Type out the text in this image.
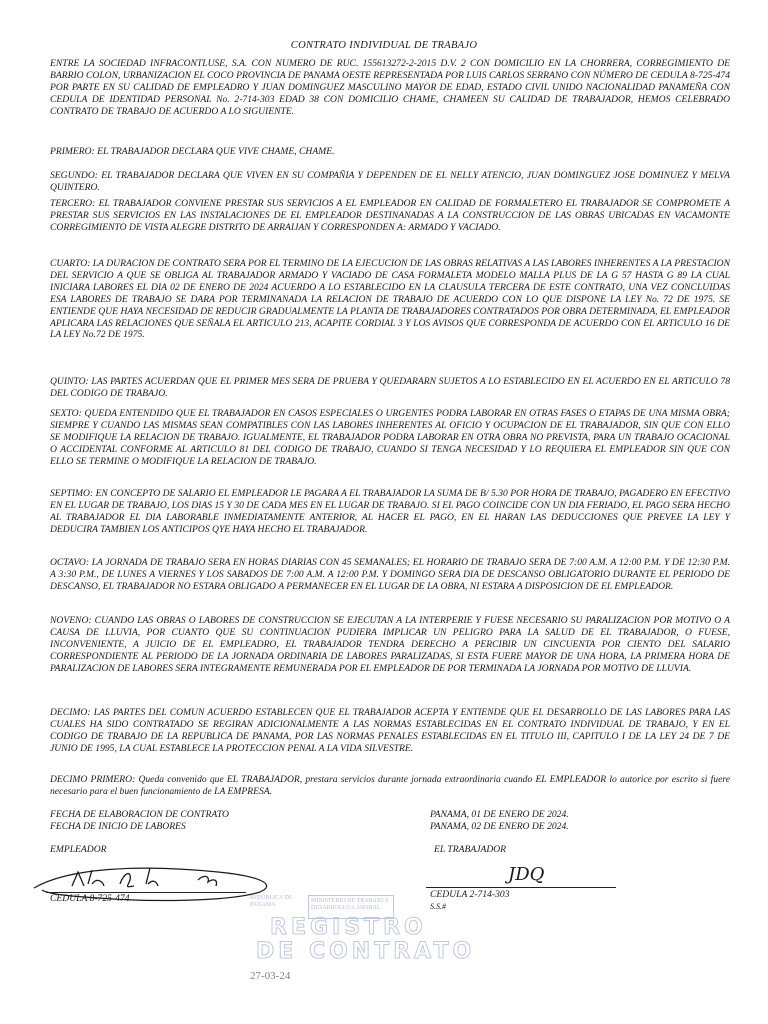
CONTRATO INDIVIDUAL DE TRABAJO

ENTRE LA SOCIEDAD INFRACONTLUSE, S.A. CON NUMERO DE RUC. 155613272-2-2015 D.V. 2 CON DOMICILIO EN LA CHORRERA, CORREGIMIENTO DE BARRIO COLON, URBANIZACION EL COCO PROVINCIA DE PANAMA OESTE REPRESENTADA POR LUIS CARLOS SERRANO CON NÚMERO DE CEDULA 8-725-474 POR PARTE EN SU CALIDAD DE EMPLEADRO Y JUAN DOMINGUEZ MASCULINO MAYOR DE EDAD, ESTADO CIVIL UNIDO NACIONALIDAD PANAMEÑA CON CEDULA DE IDENTIDAD PERSONAL No. 2-714-303 EDAD 38 CON DOMICILIO CHAME, CHAMEEN SU CALIDAD DE TRABAJADOR, HEMOS CELEBRADO CONTRATO DE TRABAJO DE ACUERDO A LO SIGUIENTE.

PRIMERO: EL TRABAJADOR DECLARA QUE VIVE CHAME, CHAME.

SEGUNDO: EL TRABAJADOR DECLARA QUE VIVEN EN SU COMPAÑIA Y DEPENDEN DE EL NELLY ATENCIO, JUAN DOMINGUEZ JOSE DOMINUEZ Y MELVA QUINTERO.

TERCERO: EL TRABAJADOR CONVIENE PRESTAR SUS SERVICIOS A EL EMPLEADOR EN CALIDAD DE FORMALETERO EL TRABAJADOR SE COMPROMETE A PRESTAR SUS SERVICIOS EN LAS INSTALACIONES DE EL EMPLEADOR DESTINANADAS A LA CONSTRUCCION DE LAS OBRAS UBICADAS EN VACAMONTE CORREGIMIENTO DE VISTA ALEGRE DISTRITO DE ARRAIJAN Y CORRESPONDEN A: ARMADO Y VACIADO.

CUARTO: LA DURACION DE CONTRATO SERA POR EL TERMINO DE LA EJECUCION DE LAS OBRAS RELATIVAS A LAS LABORES INHERENTES A LA PRESTACION DEL SERVICIO A QUE SE OBLIGA AL TRABAJADOR ARMADO Y VACIADO DE CASA FORMALETA MODELO MALLA PLUS DE LA G 57 HASTA G 89 LA CUAL INICIARA LABORES EL DIA 02 DE ENERO DE 2024 ACUERDO A LO ESTABLECIDO EN LA CLAUSULA TERCERA DE ESTE CONTRATO, UNA VEZ CONCLUIDAS ESA LABORES DE TRABAJO SE DARA POR TERMINANADA LA RELACION DE TRABAJO DE ACUERDO CON LO QUE DISPONE LA LEY No. 72 DE 1975. SE ENTIENDE QUE HAYA NECESIDAD DE REDUCIR GRADUALMENTE LA PLANTA DE TRABAJADORES CONTRATADOS POR OBRA DETERMINADA, EL EMPLEADOR APLICARA LAS RELACIONES QUE SEÑALA EL ARTICULO 213, ACAPITE CORDIAL 3 Y LOS AVISOS QUE CORRESPONDA DE ACUERDO CON EL ARTICULO 16 DE LA LEY No.72 DE 1975.

QUINTO: LAS PARTES ACUERDAN QUE EL PRIMER MES SERA DE PRUEBA Y QUEDARARN SUJETOS A LO ESTABLECIDO EN EL ACUERDO EN EL ARTICULO 78 DEL CODIGO DE TRABAJO.

SEXTO: QUEDA ENTENDIDO QUE EL TRABAJADOR EN CASOS ESPECIALES O URGENTES PODRA LABORAR EN OTRAS FASES O ETAPAS DE UNA MISMA OBRA; SIEMPRE Y CUANDO LAS MISMAS SEAN COMPATIBLES CON LAS LABORES INHERENTES AL OFICIO Y OCUPACION DE EL TRABAJADOR, SIN QUE CON ELLO SE MODIFIQUE LA RELACION DE TRABAJO. IGUALMENTE, EL TRABAJADOR PODRA LABORAR EN OTRA OBRA NO PREVISTA, PARA UN TRABAJO OCACIONAL O ACCIDENTAL CONFORME AL ARTICULO 81 DEL CODIGO DE TRABAJO, CUANDO SI TENGA NECESIDAD Y LO REQUIERA EL EMPLEADOR SIN QUE CON ELLO SE TERMINE O MODIFIQUE LA RELACION DE TRABAJO.

SEPTIMO: EN CONCEPTO DE SALARIO EL EMPLEADOR LE PAGARA A EL TRABAJADOR LA SUMA DE B/ 5.30 POR HORA DE TRABAJO, PAGADERO EN EFECTIVO EN EL LUGAR DE TRABAJO, LOS DIAS 15 Y 30 DE CADA MES EN EL LUGAR DE TRABAJO. SI EL PAGO COINCIDE CON UN DIA FERIADO, EL PAGO SERA HECHO AL TRABAJADOR EL DIA LABORABLE INMEDIATAMENTE ANTERIOR, AL HACER EL PAGO, EN EL HARAN LAS DEDUCCIONES QUE PREVEE LA LEY Y DEDUCIRA TAMBIEN LOS ANTICIPOS QYE HAYA HECHO EL TRABAJADOR.

OCTAVO: LA JORNADA DE TRABAJO SERA EN HORAS DIARIAS CON 45 SEMANALES; EL HORARIO DE TRABAJO SERA DE 7:00 A.M. A 12:00 P.M. Y DE 12:30 P.M. A 3:30 P.M., DE LUNES A VIERNES Y LOS SABADOS DE 7:00 A.M. A 12:00 P.M. Y DOMINGO SERA DIA DE DESCANSO OBLIGATORIO DURANTE EL PERIODO DE DESCANSO, EL TRABAJADOR NO ESTARA OBLIGADO A PERMANECER EN EL LUGAR DE LA OBRA, NI ESTARA A DISPOSICION DE EL EMPLEADOR.

NOVENO: CUANDO LAS OBRAS O LABORES DE CONSTRUCCION SE EJECUTAN A LA INTERPERIE Y FUESE NECESARIO SU PARALIZACION POR MOTIVO O A CAUSA DE LLUVIA, POR CUANTO QUE SU CONTINUACION PUDIERA IMPLICAR UN PELIGRO PARA LA SALUD DE EL TRABAJADOR, O FUESE, INCONVENIENTE, A JUICIO DE EL EMPLEADRO, EL TRABAJADOR TENDRA DERECHO A PERCIBIR UN CINCUENTA POR CIENTO DEL SALARIO CORRESPONDIENTE AL PERIODO DE LA JORNADA ORDINARIA DE LABORES PARALIZADAS, SI ESTA FUERE MAYOR DE UNA HORA, LA PRIMERA HORA DE PARALIZACION DE LABORES SERA INTEGRAMENTE REMUNERADA POR EL EMPLEADOR DE POR TERMINADA LA JORNADA POR MOTIVO DE LLUVIA.

DECIMO: LAS PARTES DEL COMUN ACUERDO ESTABLECEN QUE EL TRABAJADOR ACEPTA Y ENTIENDE QUE EL DESARROLLO DE LAS LABORES PARA LAS CUALES HA SIDO CONTRATADO SE REGIRAN ADICIONALMENTE A LAS NORMAS ESTABLECIDAS EN EL CONTRATO INDIVIDUAL DE TRABAJO, Y EN EL CODIGO DE TRABAJO DE LA REPUBLICA DE PANAMA, POR LAS NORMAS PENALES ESTABLECIDAS EN EL TITULO III, CAPITULO I DE LA LEY 24 DE 7 DE JUNIO DE 1995, LA CUAL ESTABLECE LA PROTECCION PENAL A LA VIDA SILVESTRE.

DECIMO PRIMERO: Queda convenido que EL TRABAJADOR, prestara servicios durante jornada extraordinaria cuando EL EMPLEADOR lo autorice por escrito si fuere necesario para el buen funcionamiento de LA EMPRESA.

FECHA DE ELABORACION DE CONTRATO	PANAMA, 01 DE ENERO DE 2024.
FECHA DE INICIO DE LABORES	PANAMA, 02 DE ENERO DE 2024.
EMPLEADOR	EL TRABAJADOR
CEDULA 8-725-474
JDQ
CEDULA 2-714-303
S.S.#
REPUBLICA DE PANAMA
MINISTERIO DE TRABAJO Y DESARROLLO LABORAL
REGISTRO
DE CONTRATO
27-03-24
